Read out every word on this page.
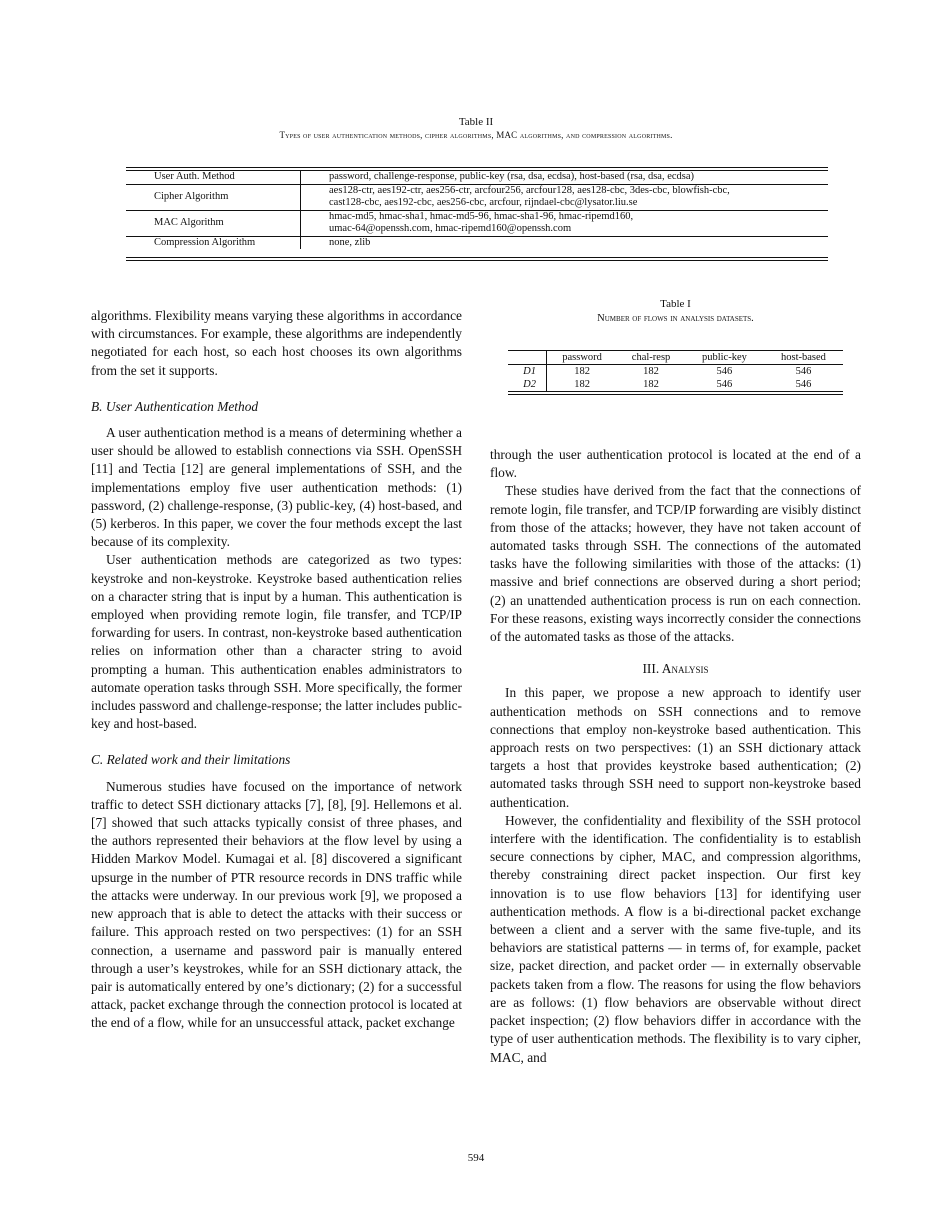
Table II
Types of user authentication methods, cipher algorithms, MAC algorithms, and compression algorithms.
User Auth. Method	password, challenge-response, public-key (rsa, dsa, ecdsa), host-based (rsa, dsa, ecdsa)

Cipher Algorithm	aes128-ctr, aes192-ctr, aes256-ctr, arcfour256, arcfour128, aes128-cbc, 3des-cbc, blowfish-cbc,
cast128-cbc, aes192-cbc, aes256-cbc, arcfour, rijndael-cbc@lysator.liu.se

MAC Algorithm	hmac-md5, hmac-sha1, hmac-md5-96, hmac-sha1-96, hmac-ripemd160,
umac-64@openssh.com, hmac-ripemd160@openssh.com

Compression Algorithm	none, zlib

algorithms. Flexibility means varying these algorithms in accordance with circumstances. For example, these algorithms are independently negotiated for each host, so each host chooses its own algorithms from the set it supports.

B. User Authentication Method

A user authentication method is a means of determining whether a user should be allowed to establish connections via SSH. OpenSSH [11] and Tectia [12] are general implementations of SSH, and the implementations employ five user authentication methods: (1) password, (2) challenge-response, (3) public-key, (4) host-based, and (5) kerberos. In this paper, we cover the four methods except the last because of its complexity.

User authentication methods are categorized as two types: keystroke and non-keystroke. Keystroke based authentication relies on a character string that is input by a human. This authentication is employed when providing remote login, file transfer, and TCP/IP forwarding for users. In contrast, non-keystroke based authentication relies on information other than a character string to avoid prompting a human. This authentication enables administrators to automate operation tasks through SSH. More specifically, the former includes password and challenge-response; the latter includes public-key and host-based.

C. Related work and their limitations

Numerous studies have focused on the importance of network traffic to detect SSH dictionary attacks [7], [8], [9]. Hellemons et al. [7] showed that such attacks typically consist of three phases, and the authors represented their behaviors at the flow level by using a Hidden Markov Model. Kumagai et al. [8] discovered a significant upsurge in the number of PTR resource records in DNS traffic while the attacks were underway. In our previous work [9], we proposed a new approach that is able to detect the attacks with their success or failure. This approach rested on two perspectives: (1) for an SSH connection, a username and password pair is manually entered through a user’s keystrokes, while for an SSH dictionary attack, the pair is automatically entered by one’s dictionary; (2) for a successful attack, packet exchange through the connection protocol is located at the end of a flow, while for an unsuccessful attack, packet exchange

Table I
Number of flows in analysis datasets.
	password	chal-resp	public-key	host-based
D1	182	182	546	546
D2	182	182	546	546

through the user authentication protocol is located at the end of a flow.

These studies have derived from the fact that the connections of remote login, file transfer, and TCP/IP forwarding are visibly distinct from those of the attacks; however, they have not taken account of automated tasks through SSH. The connections of the automated tasks have the following similarities with those of the attacks: (1) massive and brief connections are observed during a short period; (2) an unattended authentication process is run on each connection. For these reasons, existing ways incorrectly consider the connections of the automated tasks as those of the attacks.

III. Analysis

In this paper, we propose a new approach to identify user authentication methods on SSH connections and to remove connections that employ non-keystroke based authentication. This approach rests on two perspectives: (1) an SSH dictionary attack targets a host that provides keystroke based authentication; (2) automated tasks through SSH need to support non-keystroke based authentication.

However, the confidentiality and flexibility of the SSH protocol interfere with the identification. The confidentiality is to establish secure connections by cipher, MAC, and compression algorithms, thereby constraining direct packet inspection. Our first key innovation is to use flow behaviors [13] for identifying user authentication methods. A flow is a bi-directional packet exchange between a client and a server with the same five-tuple, and its behaviors are statistical patterns — in terms of, for example, packet size, packet direction, and packet order — in externally observable packets taken from a flow. The reasons for using the flow behaviors are as follows: (1) flow behaviors are observable without direct packet inspection; (2) flow behaviors differ in accordance with the type of user authentication methods. The flexibility is to vary cipher, MAC, and

594
